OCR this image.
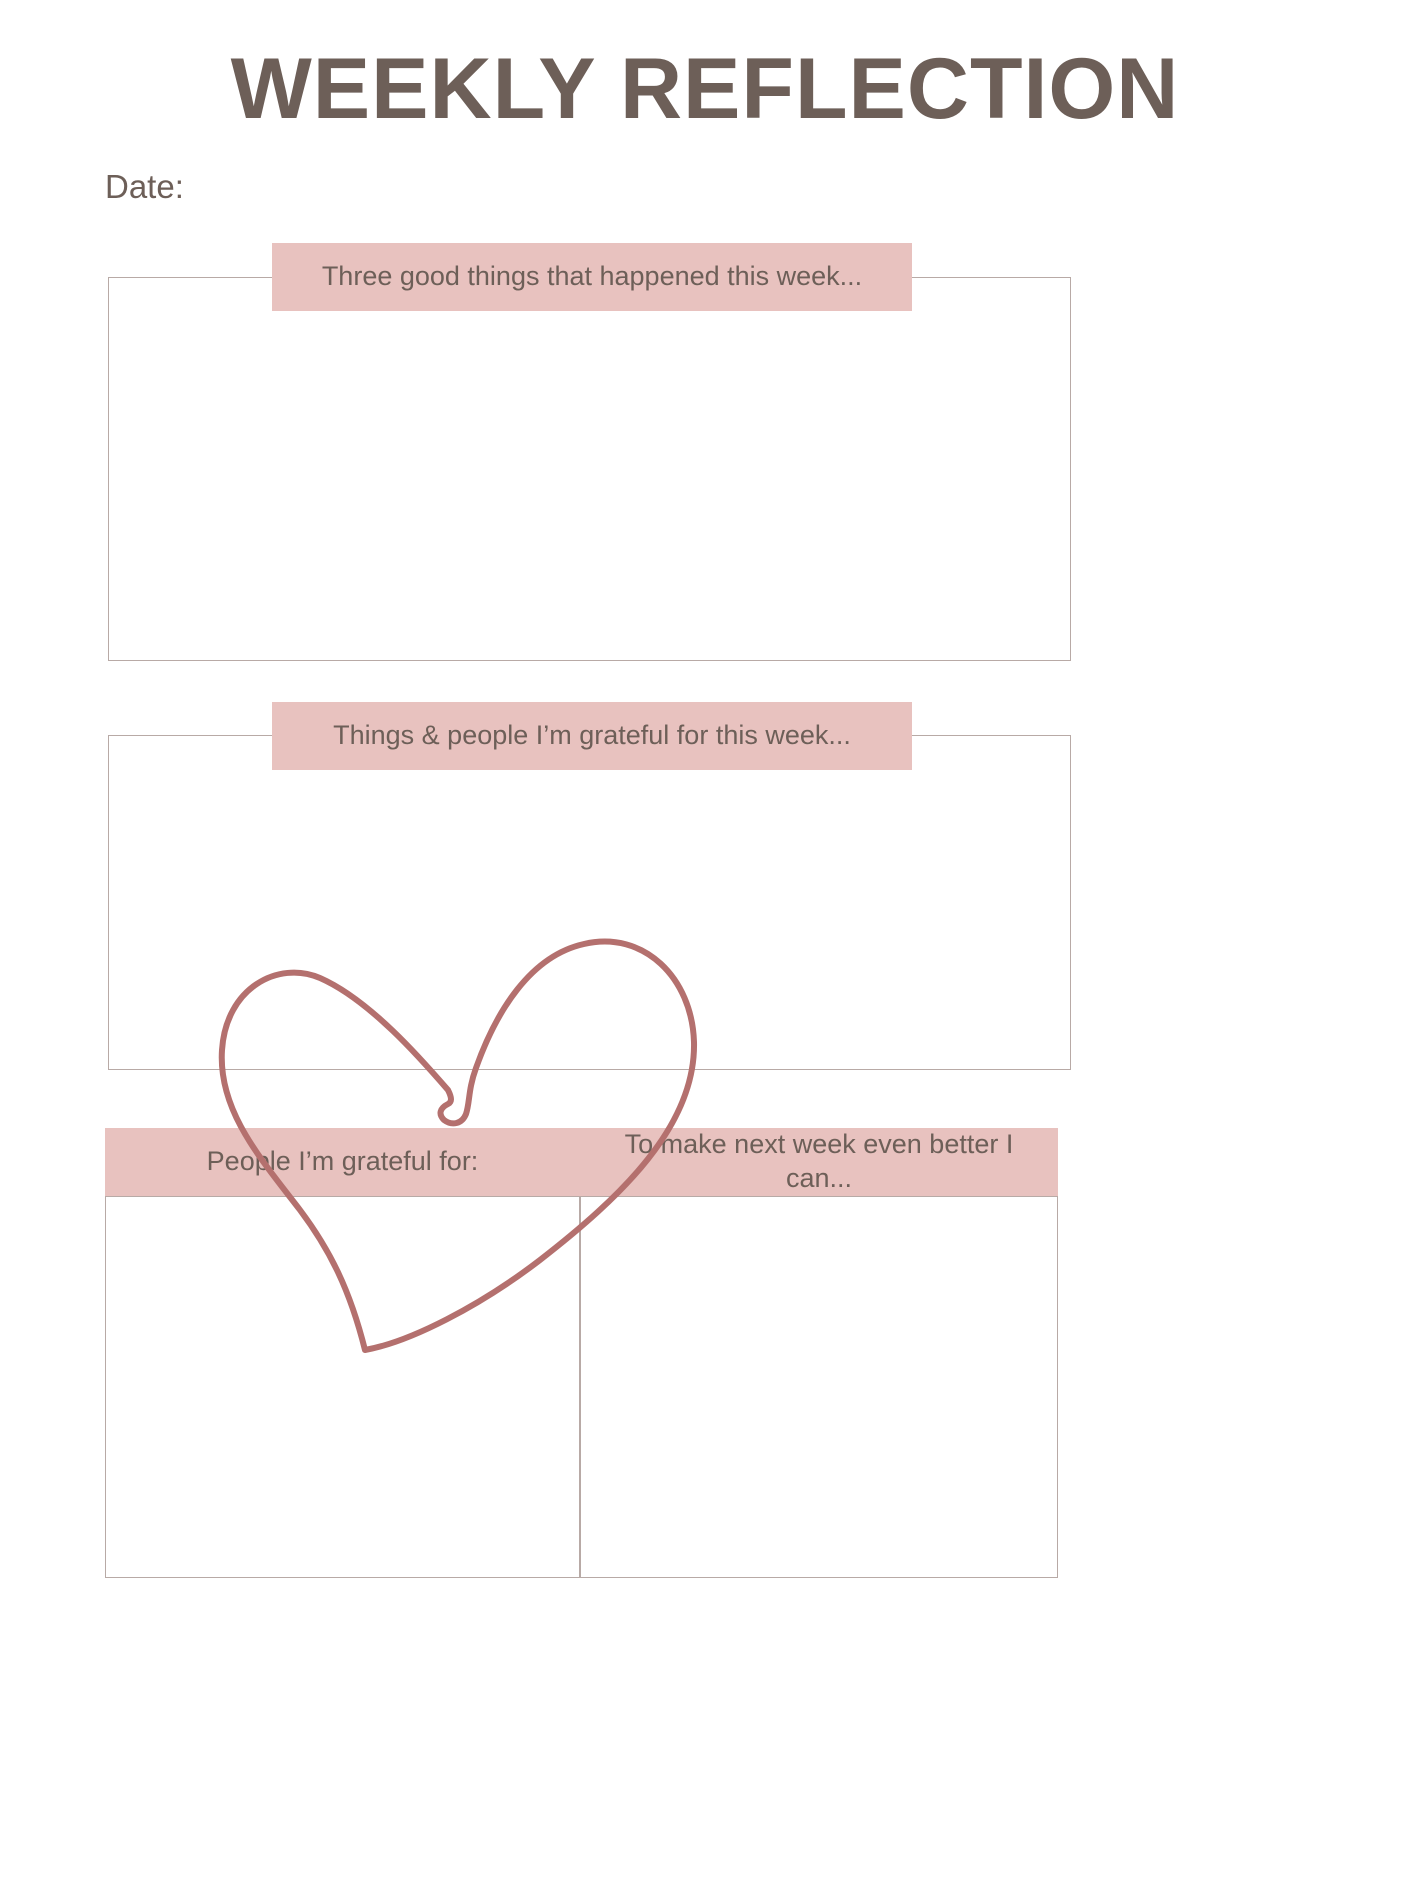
WEEKLY REFLECTION
Date:
Three good things that happened this week...
Things & people I’m grateful for this week...
People I’m grateful for:
To make next week even better I can...
